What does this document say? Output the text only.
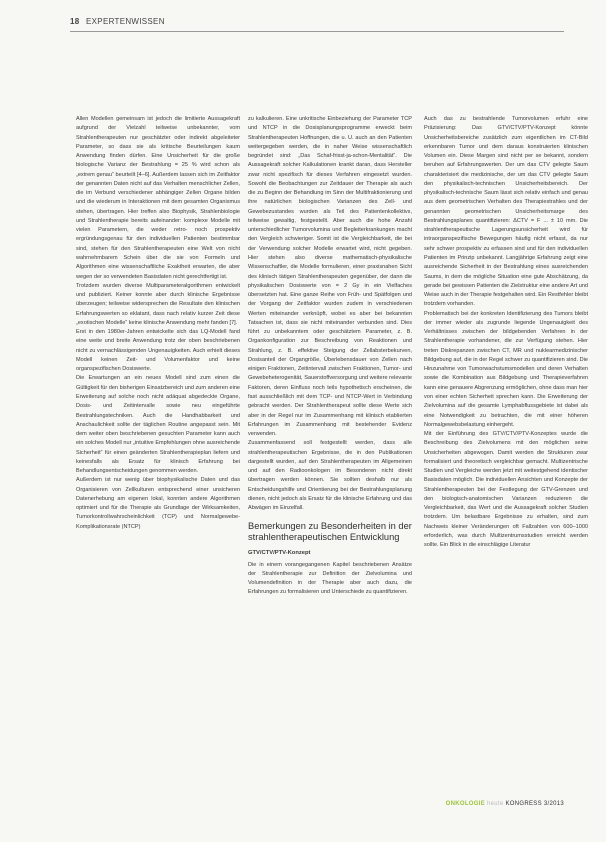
18 EXPERTENWISSEN

Allen Modellen gemeinsam ist jedoch die limitierte Aussagekraft aufgrund der Vielzahl teilweise unbekannter, vom Strahlentherapeuten nur geschätzter oder indirekt abgeleiteter Parameter, so dass sie als kritische Beurteilungen kaum Anwendung finden dürfen. Eine Unsicherheit für die große biologische Varianz der Bestrahlung = 25 % wird schon als „extrem genau“ beurteilt [4–6]. Außerdem lassen sich im Zeitfaktor der genannten Daten nicht auf das Verhalten menschlicher Zellen, die im Verbund verschiedener abhängiger Zellen Organe bilden und die wiederum in Interaktionen mit dem gesamten Organismus stehen, übertragen. Hier treffen also Biophysik, Strahlenbiologie und Strahlentherapie bereits aufeinander: komplexe Modelle mit vielen Parametern, die weder retro- noch prospektiv ergründungsgenau für den individuellen Patienten bestimmbar sind, stehen für den Strahlentherapeuten eine Welt von nicht wahrnehmbarem Schein über die sie von Formeln und Algorithmen eine wissenschaftliche Exaktheit erwarten, die aber wegen der so verwendeten Basisdaten nicht gerechtfertigt ist.

Trotzdem wurden diverse Multiparameteralgorithmen entwickelt und publiziert. Keiner konnte aber durch klinische Ergebnisse überzeugen; teilweise widersprechen die Resultate den klinischen Erfahrungswerten so eklatant, dass nach relativ kurzer Zeit diese „exotischen Modelle“ keine klinische Anwendung mehr fanden [7].

Erst in den 1980er-Jahren entwickelte sich das LQ-Modell fand eine weite und breite Anwendung trotz der oben beschriebenen nicht zu vernachlässigenden Ungenauigkeiten. Auch erhielt dieses Modell keinen Zeit- und Volumenfaktor und keine organspezifischen Dosiswerte.

Die Erwartungen an ein neues Modell sind zum einen die Gültigkeit für den bisherigen Einsatzbereich und zum anderen eine Erweiterung auf solche noch nicht adäquat abgedeckte Organe, Dosis- und Zeitintervalle sowie neu eingeführte Bestrahlungstechniken. Auch die Handhabbarkeit und Anschaulichkeit sollte der täglichen Routine angepasst sein. Mit dem weiter oben beschriebenen gesuchten Parameter kann auch ein solches Modell nur „intuitive Empfehlungen ohne ausreichende Sicherheit“ für einen geänderten Strahlentherapieplan liefern und keinesfalls als Ersatz für klinisch Erfahrung bei Behandlungsentscheidungen genommen werden.

Außerdem ist nur wenig über biophysikalische Daten und das Organisieren von Zellkulturen entsprechend einer unsicheren Datenerhebung am eigenen lokal, konnten andere Algorithmen optimiert und für die Therapie als Grundlage der Wirksamkeiten, Tumorkontrollwahrscheinlichkeit (TCP) und Normalgewebe-Komplikationsrate (NTCP)

zu kalkulieren. Eine unkritische Einbeziehung der Parameter TCP und NTCP in die Dosisplanungsprogramme erweckt beim Strahlentherapeuten Hoffnungen, die u. U. auch an den Patienten weitergegeben werden, die in naher Weise wissenschaftlich begründet sind: „Das Schaf-frisst-ja-schon-Mentalität“. Die Aussagekraft solcher Kalkulationen krankt daran, dass Hersteller zwar nicht spezifisch für dieses Verfahren eingesetzt wurden. Sowohl die Beobachtungen zur Zeitdauer der Therapie als auch die zu Beginn der Behandlung im Sinn der Multifraktionierung und ihre natürlichen biologischen Varianzen des Zell- und Gewebezustandes wurden als Teil des Patientenkollektivs, teilweise gewaltig, festgestellt. Aber auch die hohe Anzahl unterschiedlicher Tumorvolumina und Begleiterkrankungen macht den Vergleich schwieriger. Somit ist die Vergleichbarkeit, die bei der Verwendung solcher Modelle erwartet wird, nicht gegeben. Hier stehen also diverse mathematisch-physikalische Wissenschaftler, die Modelle formulieren, einer praxisnahen Sicht des klinisch tätigen Strahlentherapeuten gegenüber, der dann die physikalischen Dosiswerte von = 2 Gy in ein Vielfaches übersetzten hat. Eine ganze Reihe von Früh- und Spätfolgen und der Vorgang der Zeitfaktor wurden zudem in verschiedenen Werten miteinander verknüpft, wobei es aber bei bekannten Tatsachen ist, dass sie nicht miteinander verbunden sind. Dies führt zu unbekanntem oder geschätztem Parameter, z. B. Organkonfiguration zur Beschreibung von Reaktionen und Strahlung, z. B. effektive Steigung der Zellabsterbekurven, Dosisanteil der Organgröße, Überlebensdauer von Zellen nach einigen Fraktionen, Zeitintervall zwischen Fraktionen, Tumor- und Gewebeheterogenität, Sauerstoffversorgung und weitere relevante Faktoren, deren Einfluss noch teils hypothetisch erscheinen, die fast ausschließlich mit dem TCP- und NTCP-Wert in Verbindung gebracht werden. Der Strahlentherapeut sollte diese Werte sich aber in der Regel nur im Zusammenhang mit klinisch etablierten Erfahrungen im Zusammenhang mit bestehender Evidenz verwenden.

Zusammenfassend soll festgestellt werden, dass alle strahlentherapeutischen Ergebnisse, die in den Publikationen dargestellt wurden, auf den Strahlentherapeuten im Allgemeinen und auf den Radioonkologen im Besonderen nicht direkt übertragen werden können. Sie sollten deshalb nur als Entscheidungshilfe und Orientierung bei der Bestrahlungsplanung dienen, nicht jedoch als Ersatz für die klinische Erfahrung und das Abwägen im Einzelfall.

Bemerkungen zu Besonderheiten in der strahlentherapeutischen Entwicklung
GTV/CTV/PTV-Konzept

Die in einem vorangegangenen Kapitel beschriebenen Ansätze der Strahlentherapie zur Definition der Zielvolumina und Volumendefinition in der Therapie aber auch dazu, die Erfahrungen zu formalisieren und Unterschiede zu quantifizieren.

Auch das zu bestrahlende Tumorvolumen erfuhr eine Präzisierung: Das GTV/CTV/PTV-Konzept könnte Unsicherheitsbereiche zusätzlich zum eigentlichen im CT-Bild erkennbaren Tumor und dem daraus konstruierten klinischen Volumen ein. Diese Margen sind nicht per se bekannt, sondern beruhen auf Erfahrungswerten. Der um das CTV gelegte Saum charakterisiert die medizinische, der um das CTV gelegte Saum den physikalisch-technischen Unsicherheitsbereich. Der physikalisch-technische Saum lässt sich relativ einfach und genau aus dem geometrischen Verhalten des Therapiestrahles und der genannten geometrischen Unsicherheitsmarge des Bestrahlungsplanes quantifizieren: ΔCTV = F ... ± 10 mm. Die strahlentherapeutische Lagerungsunsicherheit wird für intraorganspezifische Bewegungen häufig nicht erfasst, da nur sehr schwer prospektiv zu erfassen sind und für den individuellen Patienten im Prinzip unbekannt. Langjährige Erfahrung zeigt eine ausreichende Sicherheit in der Bestrahlung eines ausreichenden Saums, in dem die mögliche Situation eine gute Abschätzung, da gerade bei gewissen Patienten die Zielstruktur eine andere Art und Weise auch in der Therapie festgehalten wird. Ein Restfehler bleibt trotzdem vorhanden.

Problematisch bei der konkreten Identifizierung des Tumors bleibt der immer wieder als zugrunde liegende Ungenauigkeit des Verhältnisses zwischen der bildgebenden Verfahren in der Strahlentherapie vorhandener, die zur Verfügung stehen. Hier treten Diskrepanzen zwischen CT, MR und nuklearmedizinischer Bildgebung auf, die in der Regel schwer zu quantifizieren sind. Die Hinzunahme von Tumorwachstumsmodellen und deren Verhalten sowie die Kombination aus Bildgebung und Therapieverfahren kann eine genauere Abgrenzung ermöglichen, ohne dass man hier von einer echten Sicherheit sprechen kann. Die Erweiterung der Zielvolumina auf die gesamte Lymphabflussgebiete ist dabei als eine Notwendigkeit zu betrachten, die mit einer höheren Normalgewebsbelastung einhergeht.

Mit der Einführung des GTV/CTV/PTV-Konzeptes wurde die Beschreibung des Zielvolumens mit den möglichen seine Unsicherheiten abgewogen. Damit werden die Strukturen zwar formalisiert und theoretisch vergleichbar gemacht. Multizentrische Studien und Vergleiche werden jetzt mit weitestgehend identischer Basisdaten möglich. Die individuellen Ansichten und Konzepte der Strahlentherapeuten bei der Festlegung der GTV-Grenzen und den biologisch-anatomischen Varianzen reduzieren die Vergleichbarkeit, das Wert und die Aussagekraft solcher Studien trotzdem. Um belastbare Ergebnisse zu erhalten, sind zum Nachweis kleiner Veränderungen oft Fallzahlen von 600–1000 erforderlich, was durch Multizentrumsstudien erreicht werden sollte. Ein Blick in die einschlägige Literatur

ONKOLOGIE heute KONGRESS 3/2013
